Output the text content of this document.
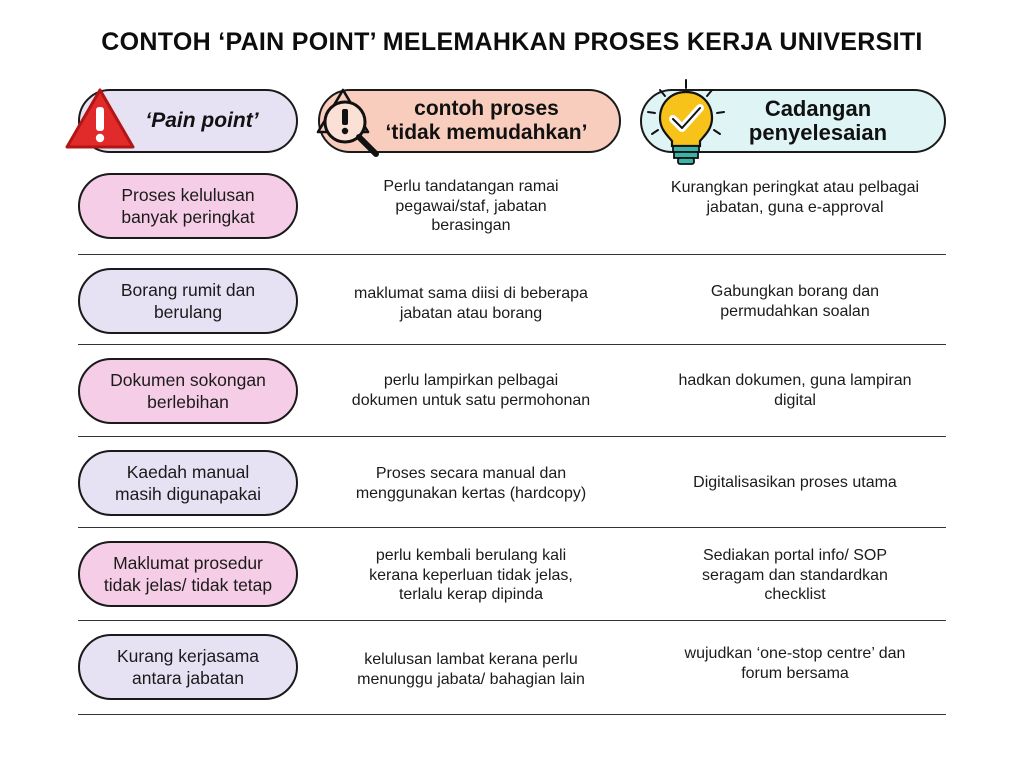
CONTOH ‘PAIN POINT’ MELEMAHKAN PROSES KERJA UNIVERSITI
‘Pain point’
contoh proses
‘tidak memudahkan’
Cadangan
penyelesaian
Proses kelulusan
banyak peringkat
Perlu tandatangan ramai
pegawai/staf, jabatan
berasingan
Kurangkan peringkat atau pelbagai
jabatan, guna e-approval
Borang rumit dan
berulang
maklumat sama diisi di beberapa
jabatan atau borang
Gabungkan borang dan
permudahkan soalan
Dokumen sokongan
berlebihan
perlu lampirkan pelbagai
dokumen untuk satu permohonan
hadkan dokumen, guna lampiran
digital
Kaedah manual
masih digunapakai
Proses secara manual dan
menggunakan kertas (hardcopy)
Digitalisasikan proses utama
Maklumat prosedur
tidak jelas/ tidak tetap
perlu kembali berulang kali
kerana keperluan tidak jelas,
terlalu kerap dipinda
Sediakan portal info/ SOP
seragam dan standardkan
checklist
Kurang kerjasama
antara jabatan
kelulusan lambat kerana perlu
menunggu jabata/ bahagian lain
wujudkan ‘one-stop centre’ dan
forum bersama
